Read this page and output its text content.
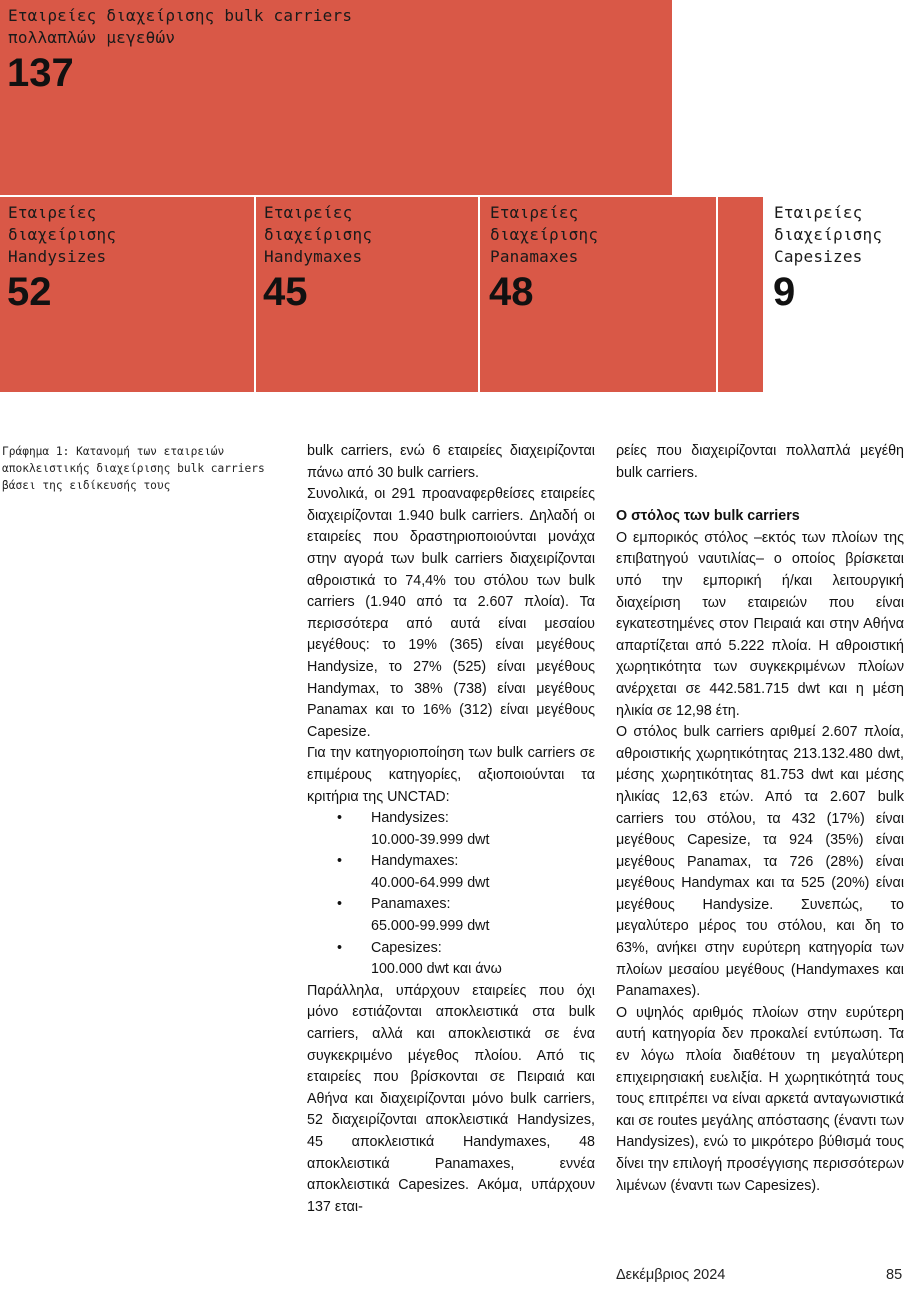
Εταιρείες διαχείρισης bulk carriers πολλαπλών μεγεθών
137
Εταιρείες διαχείρισης Handysizes
52
Εταιρείες διαχείρισης Handymaxes
45
Εταιρείες διαχείρισης Panamaxes
48
Εταιρείες διαχείρισης Capesizes
9
Γράφημα 1: Κατανομή των εταιρειών αποκλειστικής διαχείρισης bulk carriers βάσει της ειδίκευσής τους

bulk carriers, ενώ 6 εταιρείες διαχειρίζονται πάνω από 30 bulk carriers.

Συνολικά, οι 291 προαναφερθείσες εταιρείες διαχειρίζονται 1.940 bulk carriers. Δηλαδή οι εταιρείες που δραστηριοποιούνται μονάχα στην αγορά των bulk carriers διαχειρίζονται αθροιστικά το 74,4% του στόλου των bulk carriers (1.940 από τα 2.607 πλοία). Τα περισσότερα από αυτά είναι μεσαίου μεγέθους: το 19% (365) είναι μεγέθους Handysize, το 27% (525) είναι μεγέθους Handymax, το 38% (738) είναι μεγέθους Panamax και το 16% (312) είναι μεγέθους Capesize.

Για την κατηγοριοποίηση των bulk carriers σε επιμέρους κατηγορίες, αξιοποιούνται τα κριτήρια της UNCTAD:

• Handysizes:
10.000-39.999 dwt
• Handymaxes:
40.000-64.999 dwt
• Panamaxes:
65.000-99.999 dwt
• Capesizes:
100.000 dwt και άνω

Παράλληλα, υπάρχουν εταιρείες που όχι μόνο εστιάζονται αποκλειστικά στα bulk carriers, αλλά και αποκλειστικά σε ένα συγκεκριμένο μέγεθος πλοίου. Από τις εταιρείες που βρίσκονται σε Πειραιά και Αθήνα και διαχειρίζονται μόνο bulk carriers, 52 διαχειρίζονται αποκλειστικά Handysizes, 45 αποκλειστικά Handymaxes, 48 αποκλειστικά Panamaxes, εννέα αποκλειστικά Capesizes. Ακόμα, υπάρχουν 137 εται-

ρείες που διαχειρίζονται πολλαπλά μεγέθη bulk carriers.

Ο στόλος των bulk carriers

Ο εμπορικός στόλος –εκτός των πλοίων της επιβατηγού ναυτιλίας– ο οποίος βρίσκεται υπό την εμπορική ή/και λειτουργική διαχείριση των εταιρειών που είναι εγκατεστημένες στον Πειραιά και στην Αθήνα απαρτίζεται από 5.222 πλοία. Η αθροιστική χωρητικότητα των συγκεκριμένων πλοίων ανέρχεται σε 442.581.715 dwt και η μέση ηλικία σε 12,98 έτη.

Ο στόλος bulk carriers αριθμεί 2.607 πλοία, αθροιστικής χωρητικότητας 213.132.480 dwt, μέσης χωρητικότητας 81.753 dwt και μέσης ηλικίας 12,63 ετών. Από τα 2.607 bulk carriers του στόλου, τα 432 (17%) είναι μεγέθους Capesize, τα 924 (35%) είναι μεγέθους Panamax, τα 726 (28%) είναι μεγέθους Handymax και τα 525 (20%) είναι μεγέθους Handysize. Συνεπώς, το μεγαλύτερο μέρος του στόλου, και δη το 63%, ανήκει στην ευρύτερη κατηγορία των πλοίων μεσαίου μεγέθους (Handymaxes και Panamaxes).

Ο υψηλός αριθμός πλοίων στην ευρύτερη αυτή κατηγορία δεν προκαλεί εντύπωση. Τα εν λόγω πλοία διαθέτουν τη μεγαλύτερη επιχειρησιακή ευελιξία. Η χωρητικότητά τους τους επιτρέπει να είναι αρκετά ανταγωνιστικά και σε routes μεγάλης απόστασης (έναντι των Handysizes), ενώ το μικρότερο βύθισμά τους δίνει την επιλογή προσέγγισης περισσότερων λιμένων (έναντι των Capesizes).

Δεκέμβριος 2024	85
